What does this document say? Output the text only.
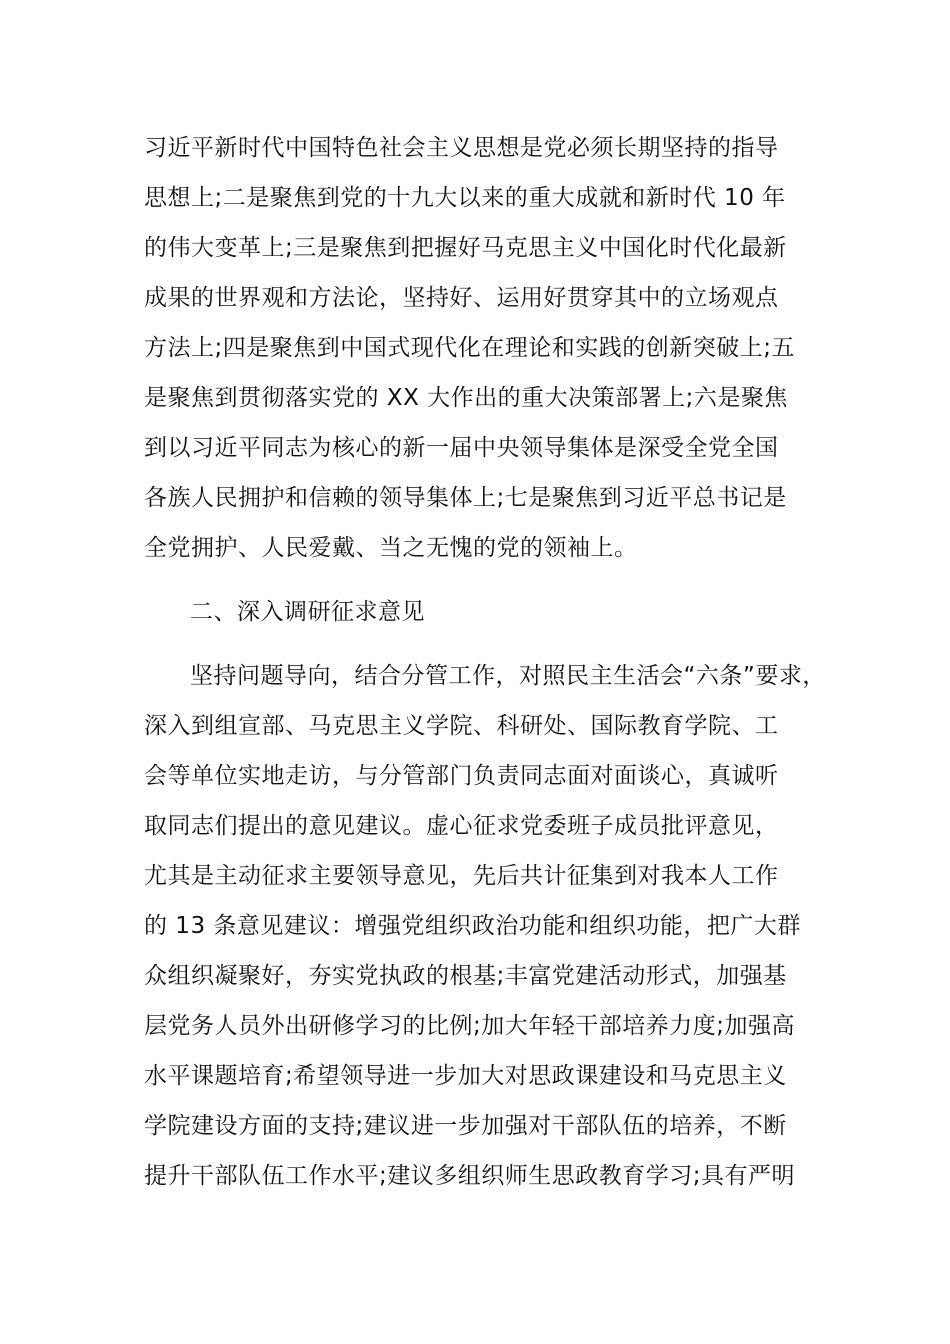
习近平新时代中国特色社会主义思想是党必须长期坚持的指导
思想上;二是聚焦到党的十九大以来的重大成就和新时代 10 年
的伟大变革上;三是聚焦到把握好马克思主义中国化时代化最新
成果的世界观和方法论，坚持好、运用好贯穿其中的立场观点
方法上;四是聚焦到中国式现代化在理论和实践的创新突破上;五
是聚焦到贯彻落实党的 XX 大作出的重大决策部署上;六是聚焦
到以习近平同志为核心的新一届中央领导集体是深受全党全国
各族人民拥护和信赖的领导集体上;七是聚焦到习近平总书记是
全党拥护、人民爱戴、当之无愧的党的领袖上。
二、深入调研征求意见
坚持问题导向，结合分管工作，对照民主生活会“六条”要求，
深入到组宣部、马克思主义学院、科研处、国际教育学院、工
会等单位实地走访，与分管部门负责同志面对面谈心，真诚听
取同志们提出的意见建议。虚心征求党委班子成员批评意见，
尤其是主动征求主要领导意见，先后共计征集到对我本人工作
的 13 条意见建议：增强党组织政治功能和组织功能，把广大群
众组织凝聚好，夯实党执政的根基;丰富党建活动形式，加强基
层党务人员外出研修学习的比例;加大年轻干部培养力度;加强高
水平课题培育;希望领导进一步加大对思政课建设和马克思主义
学院建设方面的支持;建议进一步加强对干部队伍的培养，不断
提升干部队伍工作水平;建议多组织师生思政教育学习;具有严明
